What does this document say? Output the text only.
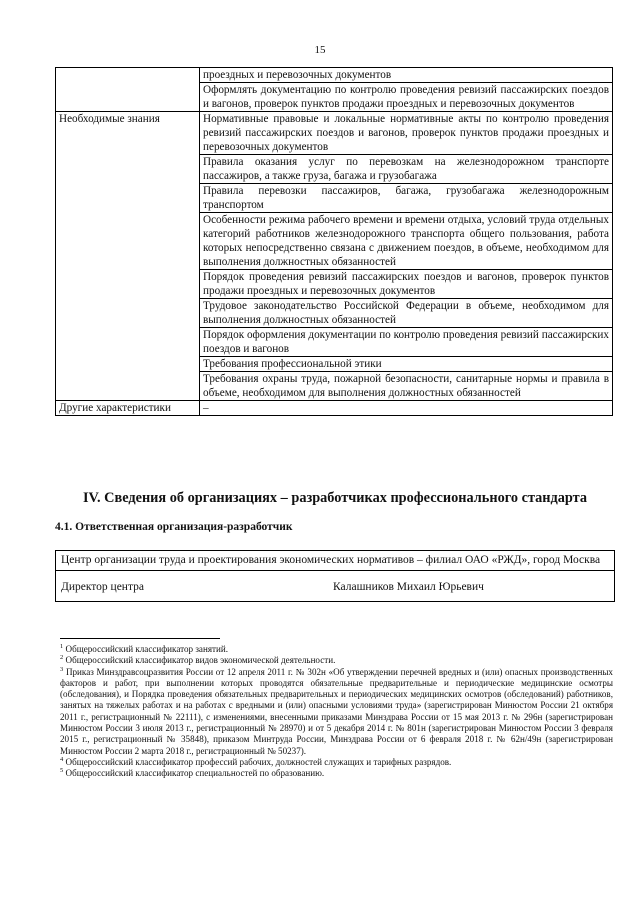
15
	проездных и перевозочных документов
	Оформлять документацию по контролю проведения ревизий пассажирских поездов и вагонов, проверок пунктов продажи проездных и перевозочных документов
Необходимые знания	Нормативные правовые и локальные нормативные акты по контролю проведения ревизий пассажирских поездов и вагонов, проверок пунктов продажи проездных и перевозочных документов
	Правила оказания услуг по перевозкам на железнодорожном транспорте пассажиров, а также груза, багажа и грузобагажа
	Правила перевозки пассажиров, багажа, грузобагажа железнодорожным транспортом
	Особенности режима рабочего времени и времени отдыха, условий труда отдельных категорий работников железнодорожного транспорта общего пользования, работа которых непосредственно связана с движением поездов, в объеме, необходимом для выполнения должностных обязанностей
	Порядок проведения ревизий пассажирских поездов и вагонов, проверок пунктов продажи проездных и перевозочных документов
	Трудовое законодательство Российской Федерации в объеме, необходимом для выполнения должностных обязанностей
	Порядок оформления документации по контролю проведения ревизий пассажирских поездов и вагонов
	Требования профессиональной этики
	Требования охраны труда, пожарной безопасности, санитарные нормы и правила в объеме, необходимом для выполнения должностных обязанностей
Другие характеристики	–
IV. Сведения об организациях – разработчиках профессионального стандарта
4.1. Ответственная организация-разработчик
Центр организации труда и проектирования экономических нормативов – филиал ОАО «РЖД», город Москва
Директор центра	Калашников Михаил Юрьевич

$^1$ Общероссийский классификатор занятий.

$^2$ Общероссийский классификатор видов экономической деятельности.

$^3$ Приказ Минздравсоцразвития России от 12 апреля 2011 г. № 302н «Об утверждении перечней вредных и (или) опасных производственных факторов и работ, при выполнении которых проводятся обязательные предварительные и периодические медицинские осмотры (обследования), и Порядка проведения обязательных предварительных и периодических медицинских осмотров (обследований) работников, занятых на тяжелых работах и на работах с вредными и (или) опасными условиями труда» (зарегистрирован Минюстом России 21 октября 2011 г., регистрационный № 22111), с изменениями, внесенными приказами Минздрава России от 15 мая 2013 г. № 296н (зарегистрирован Минюстом России 3 июля 2013 г., регистрационный № 28970) и от 5 декабря 2014 г. № 801н (зарегистрирован Минюстом России 3 февраля 2015 г., регистрационный № 35848), приказом Минтруда России, Минздрава России от 6 февраля 2018 г. № 62н/49н (зарегистрирован Минюстом России 2 марта 2018 г., регистрационный № 50237).

$^4$ Общероссийский классификатор профессий рабочих, должностей служащих и тарифных разрядов.

$^5$ Общероссийский классификатор специальностей по образованию.
